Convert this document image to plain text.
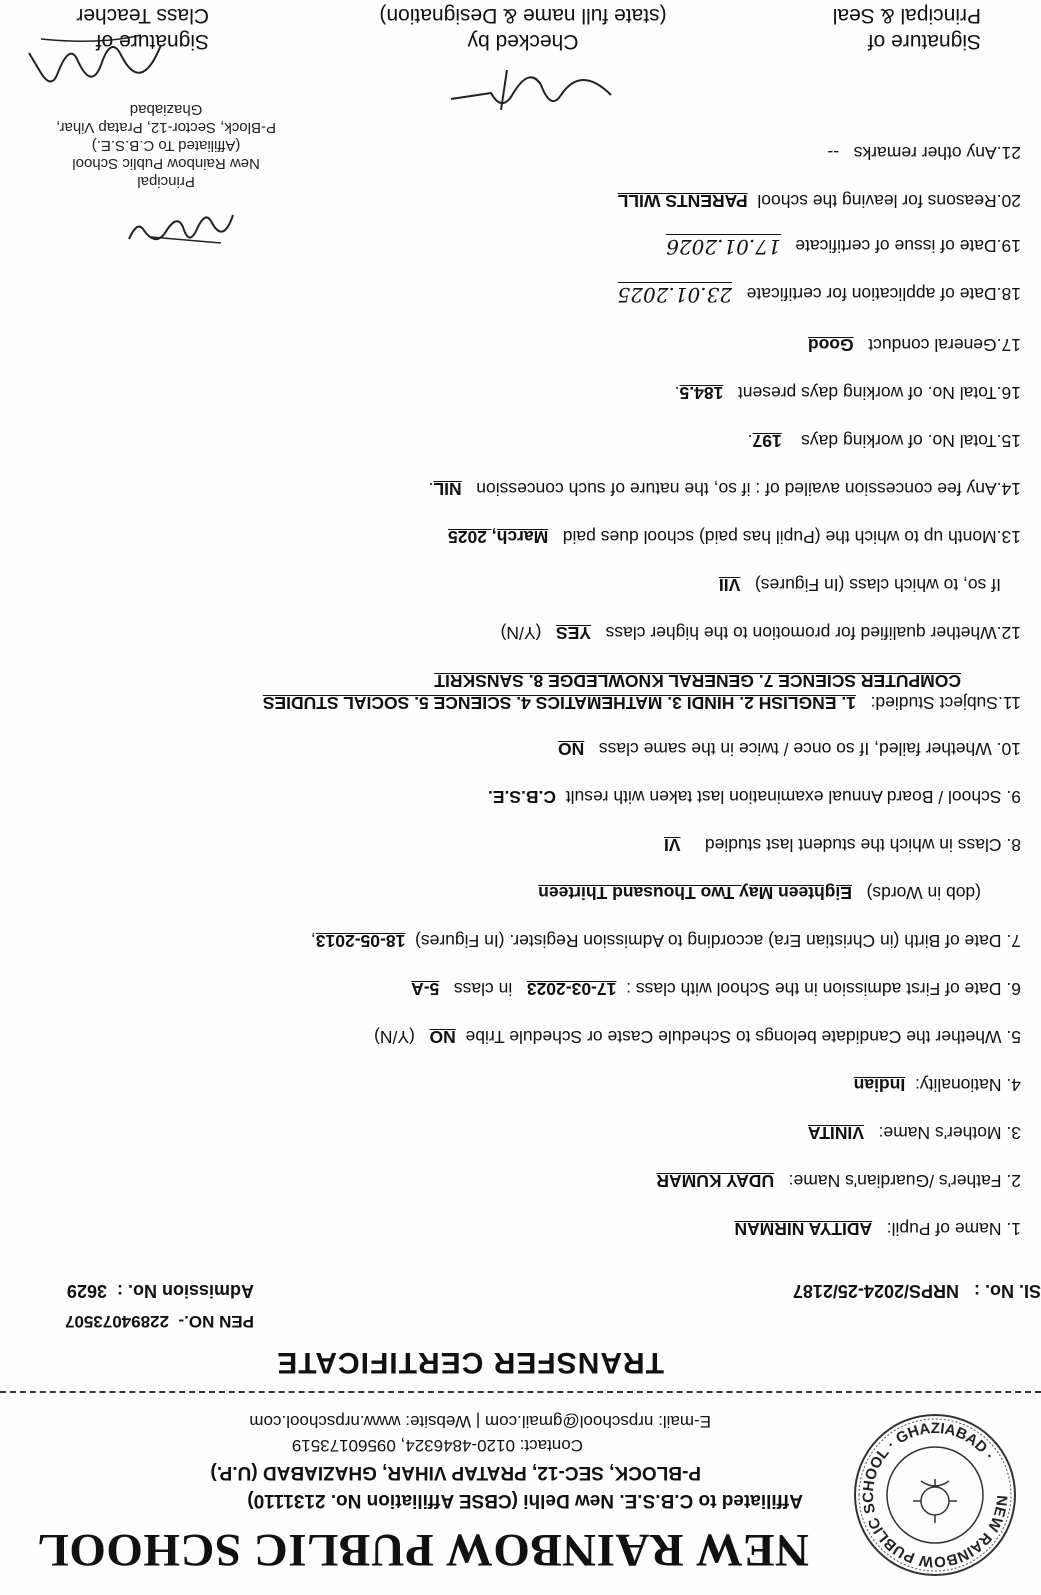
NEW RAINBOW PUBLIC SCHOOL · GHAZIABAD ·
NEW RAINBOW PUBLIC SCHOOL
Affiliated to C.B.S.E. New Delhi (CBSE Affiliation No. 2131110)
P-BLOCK, SEC-12, PRATAP VIHAR, GHAZIABAD (U.P.)
Contact: 0120-4846324, 09560173519
E-mail: nrpschool@gmail.com | Website: www.nrpschool.com
TRANSFER CERTIFICATE
PEN NO.-  22894073507
SI. No. :   NRPS/2024-25/2187
Admission No. :  3629
1. Name of Pupil:   ADITYA NIRMAN
2. Father's /Guardian's Name:   UDAY KUMAR
3. Mother's Name:   VINITA
4. Nationality:  Indian
5. Whether the Candidate belongs to Schedule Caste or Schedule Tribe  NO   (Y/N)
6. Date of First admission in the School with class :  17-03-2023   in class   5-A
7. Date of Birth (in Christian Era) according to Admission Register. (In Figures)  18-05-2013,
(dob in Words)   Eighteen May Two Thousand Thirteen
8. Class in which the student last studied     VI
9. School / Board Annual examination last taken with result  C.B.S.E.
10. Whether failed, If so once / twice in the same class   NO
11.Subject Studied:   1. ENGLISH 2. HINDI 3. MATHEMATICS 4. SCIENCE 5. SOCIAL STUDIES
COMPUTER SCIENCE 7. GENERAL KNOWLEDGE 8. SANSKRIT
12.Whether qualified for promotion to the higher class   YES   (Y/N)
If so, to which class (In Figures)   VII
13.Month up to which the (Pupil has paid) school dues paid   March, 2025
14.Any fee concession availed of : if so, the nature of such concession   NIL.
15.Total No. of working days    197.
16.Total No. of working days present   184.5.
17.General conduct   Good
18.Date of application for certificate   23.01.2025
19.Date of issue of certificate   17.01.2026
20.Reasons for leaving the school  PARENTS WILL
21.Any other remarks   --
Principal
New Rainbow Public School
(Affiliated To C.B.S.E.)
P-Block, Sector-12, Pratap Vihar,
Ghaziabad
Signature of
Class Teacher
Checked by
(state full name & Designation)
Signature of
Principal & Seal
